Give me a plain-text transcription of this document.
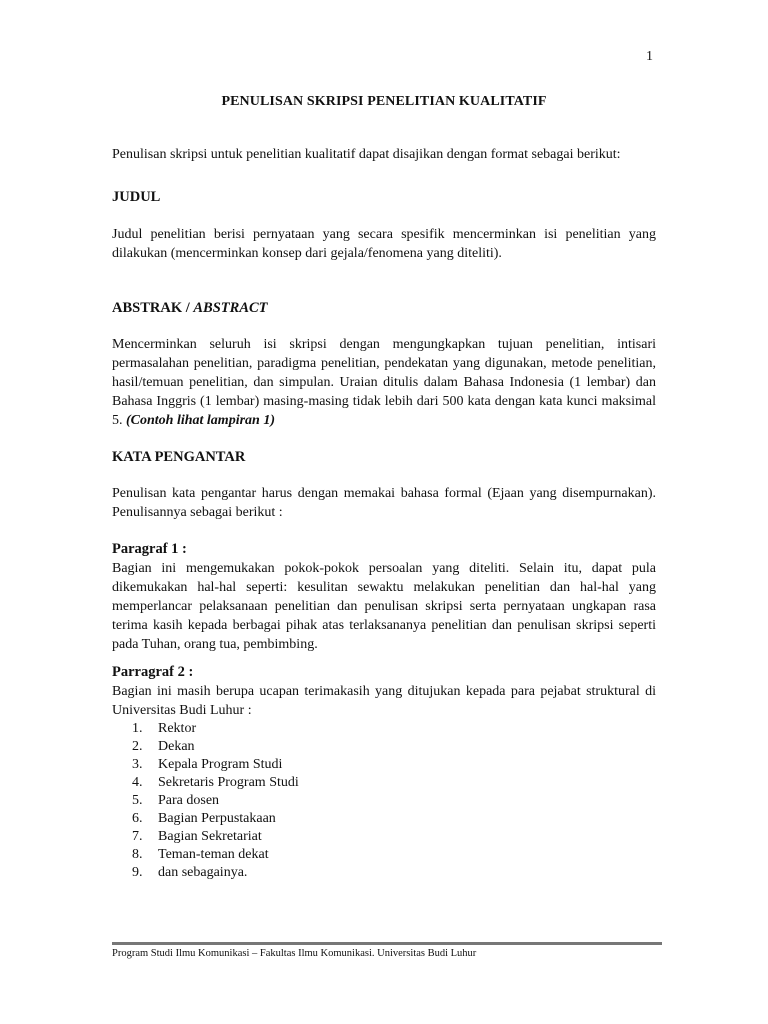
1
PENULISAN SKRIPSI PENELITIAN KUALITATIF

Penulisan skripsi untuk penelitian kualitatif dapat disajikan dengan format sebagai berikut:

JUDUL

Judul penelitian berisi pernyataan yang secara spesifik mencerminkan isi penelitian yang dilakukan (mencerminkan konsep dari gejala/fenomena yang diteliti).

ABSTRAK / ABSTRACT

Mencerminkan seluruh isi skripsi dengan mengungkapkan tujuan penelitian, intisari permasalahan penelitian, paradigma penelitian, pendekatan yang digunakan, metode penelitian, hasil/temuan penelitian, dan simpulan. Uraian ditulis dalam Bahasa Indonesia (1 lembar) dan Bahasa Inggris (1 lembar) masing-masing tidak lebih dari 500 kata dengan kata kunci maksimal 5. (Contoh lihat lampiran 1)

KATA PENGANTAR

Penulisan kata pengantar harus dengan memakai bahasa formal (Ejaan yang disempurnakan). Penulisannya sebagai berikut :

Paragraf 1 :

Bagian ini mengemukakan pokok-pokok persoalan yang diteliti. Selain itu, dapat pula dikemukakan hal-hal seperti: kesulitan sewaktu melakukan penelitian dan hal-hal yang memperlancar pelaksanaan penelitian dan penulisan skripsi serta pernyataan ungkapan rasa terima kasih kepada berbagai pihak atas terlaksananya penelitian dan penulisan skripsi seperti pada Tuhan, orang tua, pembimbing.

Parragraf 2 :

Bagian ini masih berupa ucapan terimakasih yang ditujukan kepada para pejabat struktural di Universitas Budi Luhur :

1.	Rektor
2.	Dekan
3.	Kepala Program Studi
4.	Sekretaris Program Studi
5.	Para dosen
6.	Bagian Perpustakaan
7.	Bagian Sekretariat
8.	Teman-teman dekat
9.	dan sebagainya.
Program Studi Ilmu Komunikasi – Fakultas Ilmu Komunikasi. Universitas Budi Luhur
